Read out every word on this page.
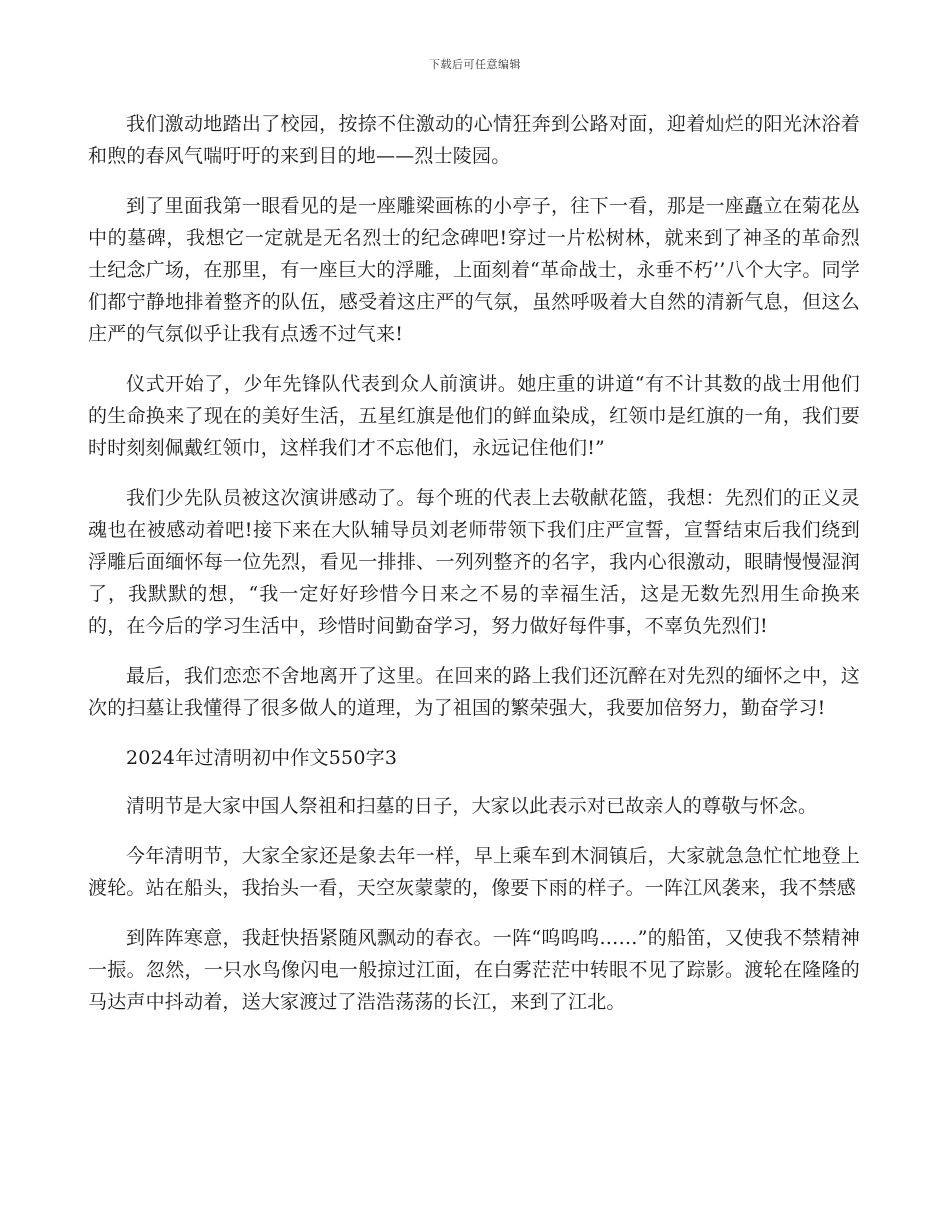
下载后可任意编辑

我们激动地踏出了校园，按捺不住激动的心情狂奔到公路对面，迎着灿烂的阳光沐浴着和煦的春风气喘吁吁的来到目的地——烈士陵园。

到了里面我第一眼看见的是一座雕梁画栋的小亭子，往下一看，那是一座矗立在菊花丛中的墓碑，我想它一定就是无名烈士的纪念碑吧!穿过一片松树林，就来到了神圣的革命烈士纪念广场，在那里，有一座巨大的浮雕，上面刻着“革命战士，永垂不朽’’八个大字。同学们都宁静地排着整齐的队伍，感受着这庄严的气氛，虽然呼吸着大自然的清新气息，但这么庄严的气氛似乎让我有点透不过气来!

仪式开始了，少年先锋队代表到众人前演讲。她庄重的讲道“有不计其数的战士用他们的生命换来了现在的美好生活，五星红旗是他们的鲜血染成，红领巾是红旗的一角，我们要时时刻刻佩戴红领巾，这样我们才不忘他们，永远记住他们!”

我们少先队员被这次演讲感动了。每个班的代表上去敬献花篮，我想：先烈们的正义灵魂也在被感动着吧!接下来在大队辅导员刘老师带领下我们庄严宣誓，宣誓结束后我们绕到浮雕后面缅怀每一位先烈，看见一排排、一列列整齐的名字，我内心很激动，眼睛慢慢湿润了，我默默的想，“我一定好好珍惜今日来之不易的幸福生活，这是无数先烈用生命换来的，在今后的学习生活中，珍惜时间勤奋学习，努力做好每件事，不辜负先烈们!

最后，我们恋恋不舍地离开了这里。在回来的路上我们还沉醉在对先烈的缅怀之中，这次的扫墓让我懂得了很多做人的道理，为了祖国的繁荣强大，我要加倍努力，勤奋学习!

2024年过清明初中作文550字3

清明节是大家中国人祭祖和扫墓的日子，大家以此表示对已故亲人的尊敬与怀念。

今年清明节，大家全家还是象去年一样，早上乘车到木洞镇后，大家就急急忙忙地登上渡轮。站在船头，我抬头一看，天空灰蒙蒙的，像要下雨的样子。一阵江风袭来，我不禁感

到阵阵寒意，我赶快捂紧随风飘动的春衣。一阵“呜呜呜……”的船笛，又使我不禁精神一振。忽然，一只水鸟像闪电一般掠过江面，在白雾茫茫中转眼不见了踪影。渡轮在隆隆的马达声中抖动着，送大家渡过了浩浩荡荡的长江，来到了江北。
